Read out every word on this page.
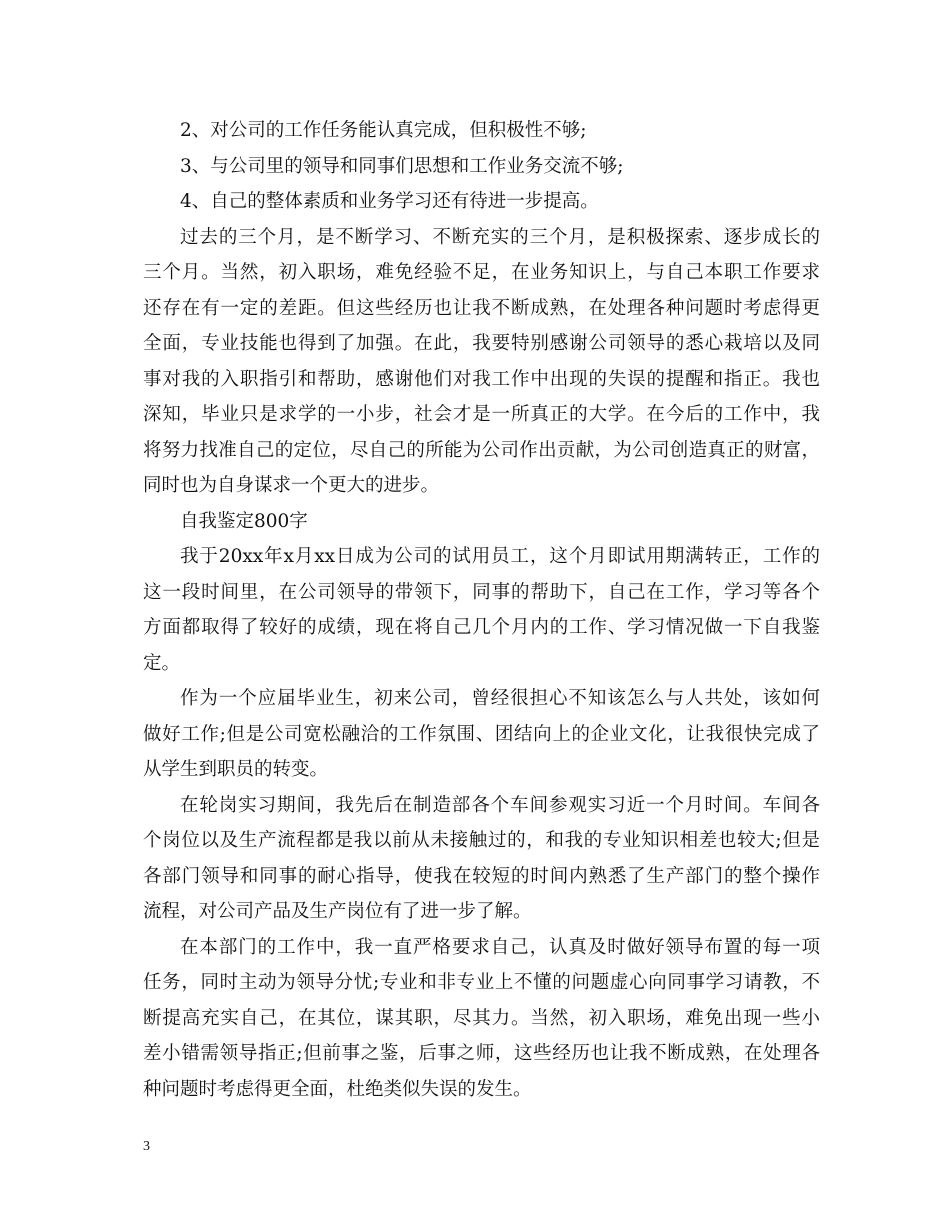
2、对公司的工作任务能认真完成，但积极性不够;
3、与公司里的领导和同事们思想和工作业务交流不够;
4、自己的整体素质和业务学习还有待进一步提高。
过去的三个月，是不断学习、不断充实的三个月，是积极探索、逐步成长的
三个月。当然，初入职场，难免经验不足，在业务知识上，与自己本职工作要求
还存在有一定的差距。但这些经历也让我不断成熟，在处理各种问题时考虑得更
全面，专业技能也得到了加强。在此，我要特别感谢公司领导的悉心栽培以及同
事对我的入职指引和帮助，感谢他们对我工作中出现的失误的提醒和指正。我也
深知，毕业只是求学的一小步，社会才是一所真正的大学。在今后的工作中，我
将努力找准自己的定位，尽自己的所能为公司作出贡献，为公司创造真正的财富，
同时也为自身谋求一个更大的进步。
自我鉴定800字
我于20xx年x月xx日成为公司的试用员工，这个月即试用期满转正，工作的
这一段时间里，在公司领导的带领下，同事的帮助下，自己在工作，学习等各个
方面都取得了较好的成绩，现在将自己几个月内的工作、学习情况做一下自我鉴
定。
作为一个应届毕业生，初来公司，曾经很担心不知该怎么与人共处，该如何
做好工作;但是公司宽松融洽的工作氛围、团结向上的企业文化，让我很快完成了
从学生到职员的转变。
在轮岗实习期间，我先后在制造部各个车间参观实习近一个月时间。车间各
个岗位以及生产流程都是我以前从未接触过的，和我的专业知识相差也较大;但是
各部门领导和同事的耐心指导，使我在较短的时间内熟悉了生产部门的整个操作
流程，对公司产品及生产岗位有了进一步了解。
在本部门的工作中，我一直严格要求自己，认真及时做好领导布置的每一项
任务，同时主动为领导分忧;专业和非专业上不懂的问题虚心向同事学习请教，不
断提高充实自己，在其位，谋其职，尽其力。当然，初入职场，难免出现一些小
差小错需领导指正;但前事之鉴，后事之师，这些经历也让我不断成熟，在处理各
种问题时考虑得更全面，杜绝类似失误的发生。
3
